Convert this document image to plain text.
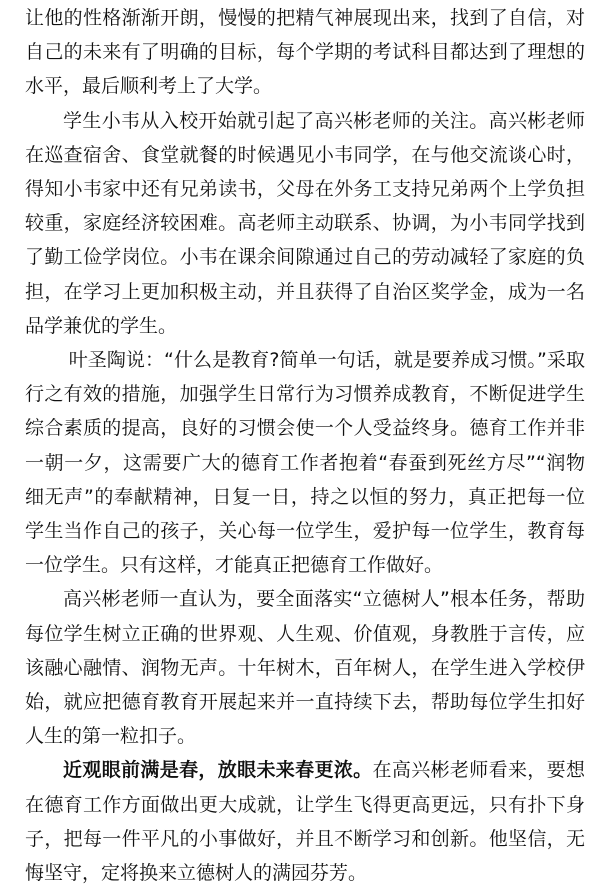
让他的性格渐渐开朗，慢慢的把精气神展现出来，找到了自信，对自己的未来有了明确的目标，每个学期的考试科目都达到了理想的水平，最后顺利考上了大学。

学生小韦从入校开始就引起了高兴彬老师的关注。高兴彬老师在巡查宿舍、食堂就餐的时候遇见小韦同学，在与他交流谈心时，得知小韦家中还有兄弟读书，父母在外务工支持兄弟两个上学负担较重，家庭经济较困难。高老师主动联系、协调，为小韦同学找到了勤工俭学岗位。小韦在课余间隙通过自己的劳动减轻了家庭的负担，在学习上更加积极主动，并且获得了自治区奖学金，成为一名品学兼优的学生。

叶圣陶说：“什么是教育?简单一句话，就是要养成习惯。”采取行之有效的措施，加强学生日常行为习惯养成教育，不断促进学生综合素质的提高，良好的习惯会使一个人受益终身。德育工作并非一朝一夕，这需要广大的德育工作者抱着“春蚕到死丝方尽”“润物细无声”的奉献精神，日复一日，持之以恒的努力，真正把每一位学生当作自己的孩子，关心每一位学生，爱护每一位学生，教育每一位学生。只有这样，才能真正把德育工作做好。

高兴彬老师一直认为，要全面落实“立德树人”根本任务，帮助每位学生树立正确的世界观、人生观、价值观，身教胜于言传，应该融心融情、润物无声。十年树木，百年树人，在学生进入学校伊始，就应把德育教育开展起来并一直持续下去，帮助每位学生扣好人生的第一粒扣子。

近观眼前满是春，放眼未来春更浓。在高兴彬老师看来，要想在德育工作方面做出更大成就，让学生飞得更高更远，只有扑下身子，把每一件平凡的小事做好，并且不断学习和创新。他坚信，无悔坚守，定将换来立德树人的满园芬芳。
